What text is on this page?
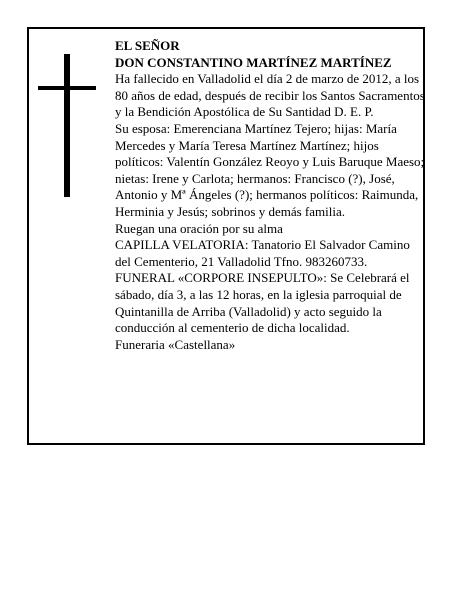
EL SEÑOR

DON CONSTANTINO MARTÍNEZ MARTÍNEZ

Ha fallecido en Valladolid el día 2 de marzo de 2012, a los 80 años de edad, después de recibir los Santos Sacramentos y la Bendición Apostólica de Su Santidad D. E. P.

Su esposa: Emerenciana Martínez Tejero; hijas: María Mercedes y María Teresa Martínez Martínez; hijos políticos: Valentín González Reoyo y Luis Baruque Maeso; nietas: Irene y Carlota; hermanos: Francisco (?), José, Antonio y Mª Ángeles (?); hermanos políticos: Raimunda, Herminia y Jesús; sobrinos y demás familia.

Ruegan una oración por su alma

CAPILLA VELATORIA: Tanatorio El Salvador Camino del Cementerio, 21 Valladolid Tfno. 983260733.

FUNERAL «CORPORE INSEPULTO»: Se Celebrará el sábado, día 3, a las 12 horas, en la iglesia parroquial de Quintanilla de Arriba (Valladolid) y acto seguido la conducción al cementerio de dicha localidad.

Funeraria «Castellana»
